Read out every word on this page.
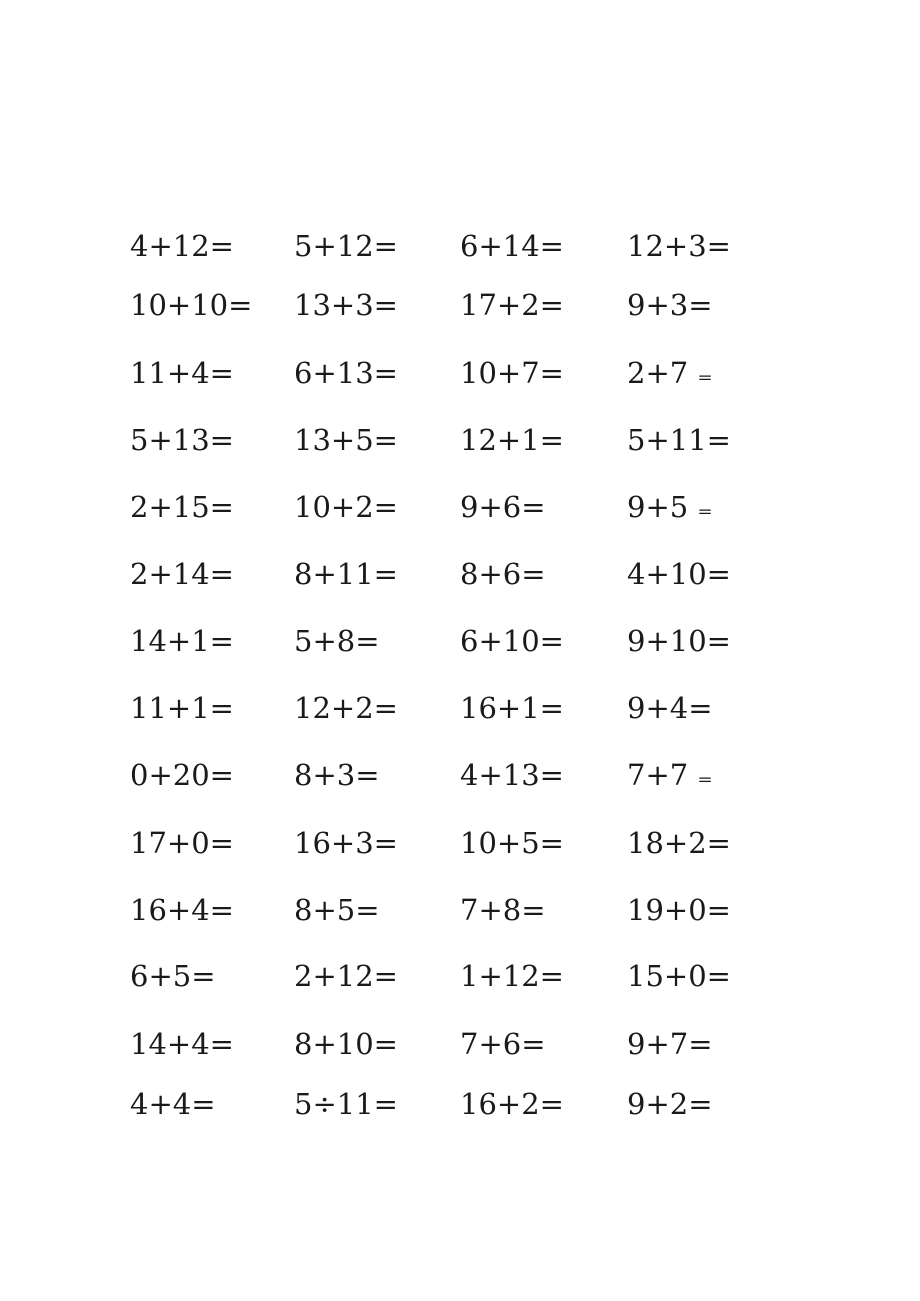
4+12= 5+12= 6+14= 12+3=
10+10= 13+3= 17+2= 9+3=
11+4= 6+13= 10+7= 2+7 ₌
5+13= 13+5= 12+1= 5+11=
2+15= 10+2= 9+6=	9+5 ₌
2+14= 8+11= 8+6=	4+10=
14+1= 5+8=	6+10= 9+10=
11+1= 12+2= 16+1= 9+4=
0+20= 8+3=	4+13= 7+7 ₌
17+0= 16+3= 10+5= 18+2=
16+4= 8+5=	7+8=	19+0=
6+5=	2+12= 1+12= 15+0=
14+4= 8+10= 7+6=	9+7=
4+4=	5÷11= 16+2= 9+2=
